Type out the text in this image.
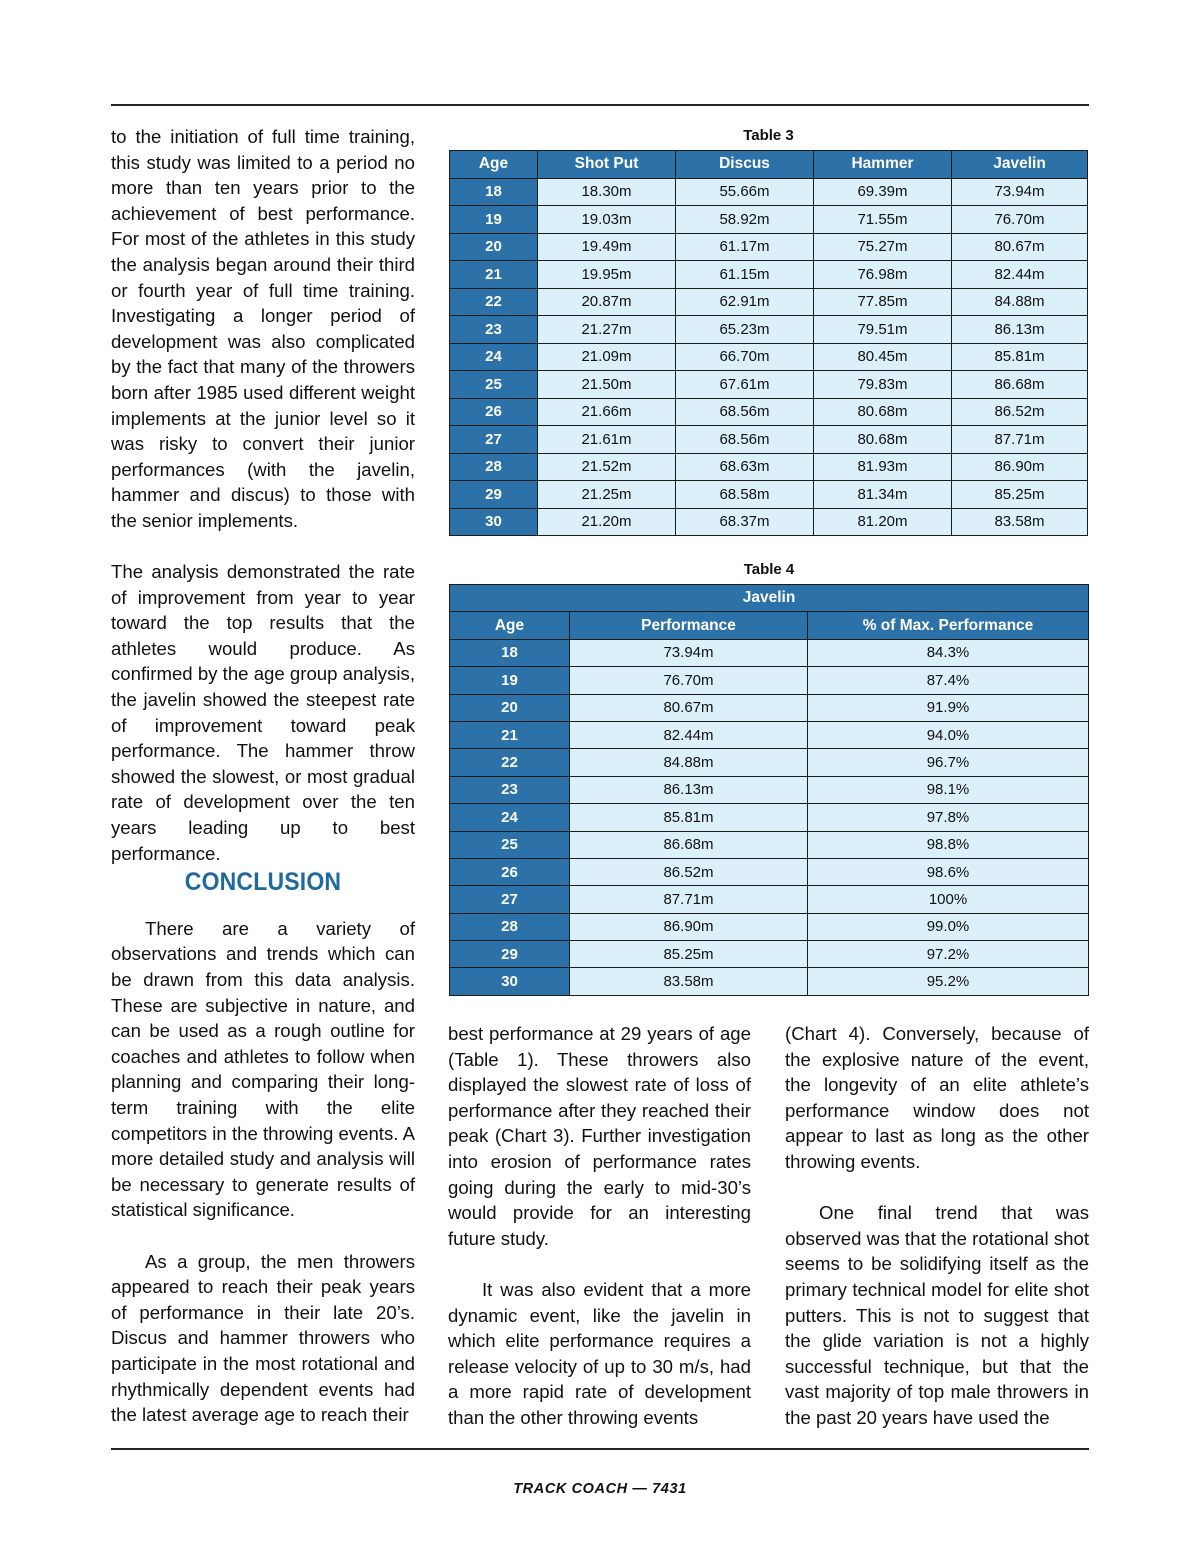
to the initiation of full time training, this study was limited to a period no more than ten years prior to the achievement of best performance. For most of the athletes in this study the analysis began around their third or fourth year of full time training. Investigating a longer period of development was also complicated by the fact that many of the throwers born after 1985 used different weight implements at the junior level so it was risky to convert their junior performances (with the javelin, hammer and discus) to those with the senior implements.

The analysis demonstrated the rate of improvement from year to year toward the top results that the athletes would produce. As confirmed by the age group analysis, the javelin showed the steepest rate of improvement toward peak performance. The hammer throw showed the slowest, or most gradual rate of development over the ten years leading up to best performance.

CONCLUSION

There are a variety of observations and trends which can be drawn from this data analysis. These are subjective in nature, and can be used as a rough outline for coaches and athletes to follow when planning and comparing their long-term training with the elite competitors in the throwing events. A more detailed study and analysis will be necessary to generate results of statistical significance.

As a group, the men throwers appeared to reach their peak years of performance in their late 20’s. Discus and hammer throwers who participate in the most rotational and rhythmically dependent events had the latest average age to reach their

Table 3
Age	Shot Put	Discus	Hammer	Javelin
18	18.30m	55.66m	69.39m	73.94m
19	19.03m	58.92m	71.55m	76.70m
20	19.49m	61.17m	75.27m	80.67m
21	19.95m	61.15m	76.98m	82.44m
22	20.87m	62.91m	77.85m	84.88m
23	21.27m	65.23m	79.51m	86.13m
24	21.09m	66.70m	80.45m	85.81m
25	21.50m	67.61m	79.83m	86.68m
26	21.66m	68.56m	80.68m	86.52m
27	21.61m	68.56m	80.68m	87.71m
28	21.52m	68.63m	81.93m	86.90m
29	21.25m	68.58m	81.34m	85.25m
30	21.20m	68.37m	81.20m	83.58m
Table 4
Javelin		
Age	Performance	% of Max. Performance
18	73.94m	84.3%
19	76.70m	87.4%
20	80.67m	91.9%
21	82.44m	94.0%
22	84.88m	96.7%
23	86.13m	98.1%
24	85.81m	97.8%
25	86.68m	98.8%
26	86.52m	98.6%
27	87.71m	100%
28	86.90m	99.0%
29	85.25m	97.2%
30	83.58m	95.2%

best performance at 29 years of age (Table 1). These throwers also displayed the slowest rate of loss of performance after they reached their peak (Chart 3). Further investigation into erosion of performance rates going during the early to mid-30’s would provide for an interesting future study.

It was also evident that a more dynamic event, like the javelin in which elite performance requires a release velocity of up to 30 m/s, had a more rapid rate of development than the other throwing events

(Chart 4). Conversely, because of the explosive nature of the event, the longevity of an elite athlete’s performance window does not appear to last as long as the other throwing events.

One final trend that was observed was that the rotational shot seems to be solidifying itself as the primary technical model for elite shot putters. This is not to suggest that the glide variation is not a highly successful technique, but that the vast majority of top male throwers in the past 20 years have used the

TRACK COACH — 7431
